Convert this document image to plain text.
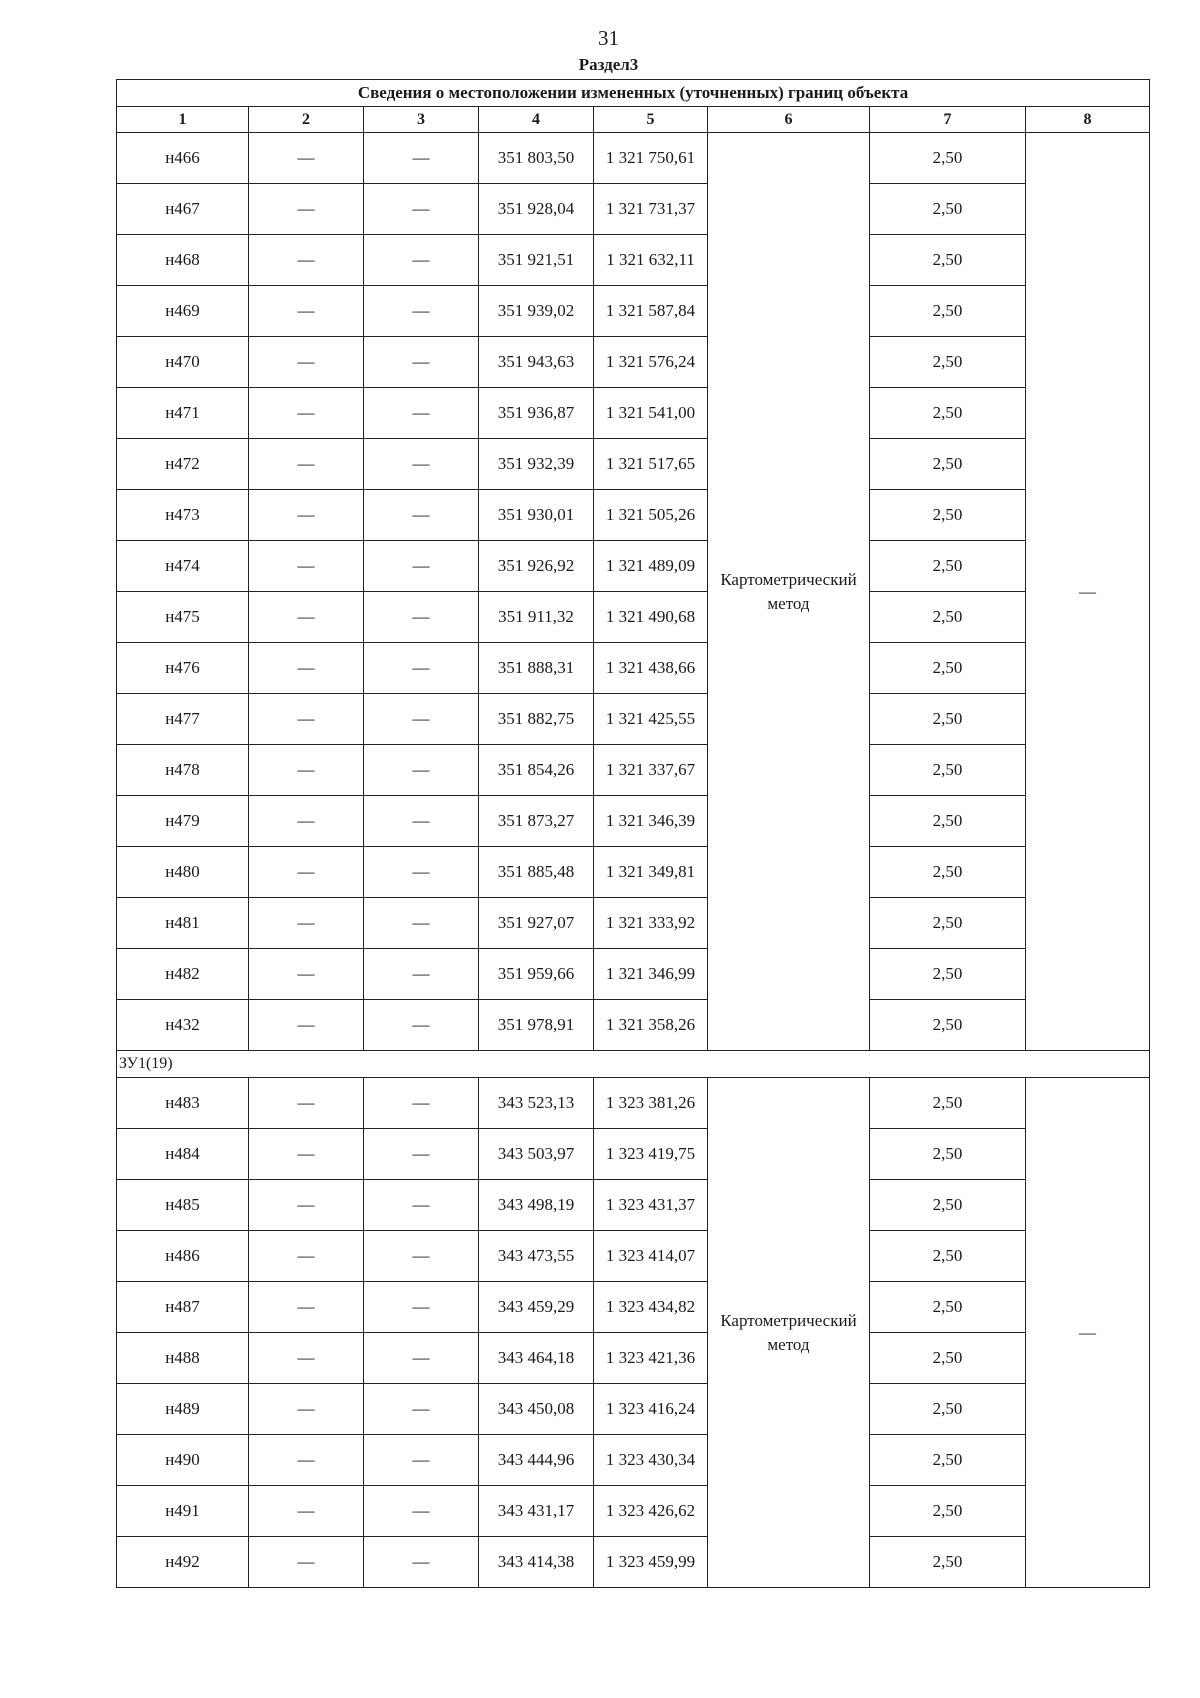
31
Раздел3
Сведения о местоположении измененных (уточненных) границ объекта							
1	2	3	4	5	6	7	8
н466	—	—	351 803,50	1 321 750,61	Картометрический метод	2,50	—
н467	—	—	351 928,04	1 321 731,37		2,50	
н468	—	—	351 921,51	1 321 632,11		2,50	
н469	—	—	351 939,02	1 321 587,84		2,50	
н470	—	—	351 943,63	1 321 576,24		2,50	
н471	—	—	351 936,87	1 321 541,00		2,50	
н472	—	—	351 932,39	1 321 517,65		2,50	
н473	—	—	351 930,01	1 321 505,26		2,50	
н474	—	—	351 926,92	1 321 489,09		2,50	
н475	—	—	351 911,32	1 321 490,68		2,50	
н476	—	—	351 888,31	1 321 438,66		2,50	
н477	—	—	351 882,75	1 321 425,55		2,50	
н478	—	—	351 854,26	1 321 337,67		2,50	
н479	—	—	351 873,27	1 321 346,39		2,50	
н480	—	—	351 885,48	1 321 349,81		2,50	
н481	—	—	351 927,07	1 321 333,92		2,50	
н482	—	—	351 959,66	1 321 346,99		2,50	
н432	—	—	351 978,91	1 321 358,26		2,50	
ЗУ1(19)							
н483	—	—	343 523,13	1 323 381,26	Картометрический метод	2,50	—
н484	—	—	343 503,97	1 323 419,75		2,50	
н485	—	—	343 498,19	1 323 431,37		2,50	
н486	—	—	343 473,55	1 323 414,07		2,50	
н487	—	—	343 459,29	1 323 434,82		2,50	
н488	—	—	343 464,18	1 323 421,36		2,50	
н489	—	—	343 450,08	1 323 416,24		2,50	
н490	—	—	343 444,96	1 323 430,34		2,50	
н491	—	—	343 431,17	1 323 426,62		2,50	
н492	—	—	343 414,38	1 323 459,99		2,50	
